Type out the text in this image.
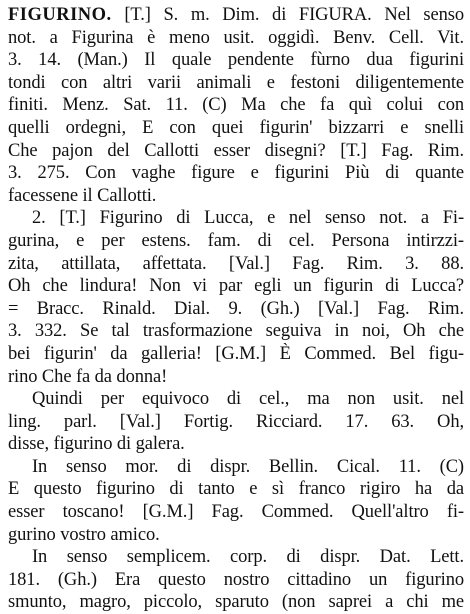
FIGURINO. [T.] S. m. Dim. di FIGURA. Nel senso
not. a Figurina è meno usit. oggidì. Benv. Cell. Vit.
3. 14. (Man.) Il quale pendente fùrno dua figurini
tondi con altri varii animali e festoni diligentemente
finiti. Menz. Sat. 11. (C) Ma che fa quì colui con
quelli ordegni, E con quei figurin' bizzarri e snelli
Che pajon del Callotti esser disegni? [T.] Fag. Rim.
3. 275. Con vaghe figure e figurini Più di quante
facessene il Callotti.
2. [T.] Figurino di Lucca, e nel senso not. a Fi-
gurina, e per estens. fam. di cel. Persona intirzzi-
zita, attillata, affettata. [Val.] Fag. Rim. 3. 88.
Oh che lindura! Non vi par egli un figurin di Lucca?
= Bracc. Rinald. Dial. 9. (Gh.) [Val.] Fag. Rim.
3. 332. Se tal trasformazione seguiva in noi, Oh che
bei figurin' da galleria! [G.M.] È Commed. Bel figu-
rino Che fa da donna!
Quindi per equivoco di cel., ma non usit. nel
ling. parl. [Val.] Fortig. Ricciard. 17. 63. Oh,
disse, figurino di galera.
In senso mor. di dispr. Bellin. Cical. 11. (C)
E questo figurino di tanto e sì franco rigiro ha da
esser toscano! [G.M.] Fag. Commed. Quell'altro fi-
gurino vostro amico.
In senso semplicem. corp. di dispr. Dat. Lett.
181. (Gh.) Era questo nostro cittadino un figurino
smunto, magro, piccolo, sparuto (non saprei a chi me
